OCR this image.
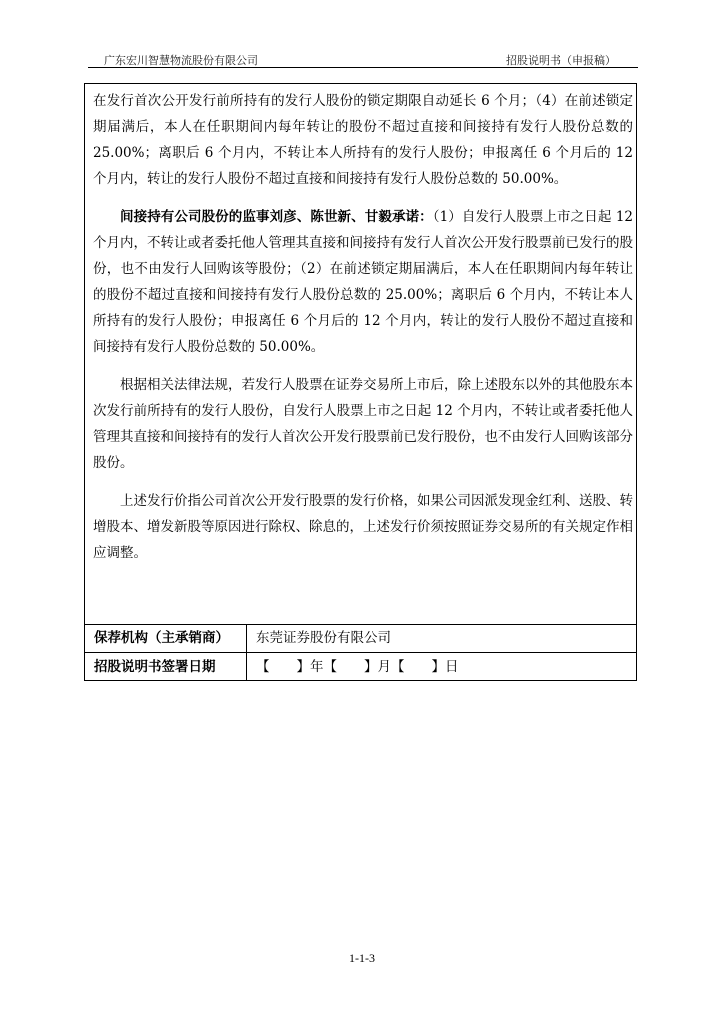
广东宏川智慧物流股份有限公司	招股说明书（申报稿）

在发行首次公开发行前所持有的发行人股份的锁定期限自动延长 6 个月；（4）在前述锁定期届满后，本人在任职期间内每年转让的股份不超过直接和间接持有发行人股份总数的 25.00%；离职后 6 个月内，不转让本人所持有的发行人股份；申报离任 6 个月后的 12 个月内，转让的发行人股份不超过直接和间接持有发行人股份总数的 50.00%。

间接持有公司股份的监事刘彦、陈世新、甘毅承诺：（1）自发行人股票上市之日起 12 个月内，不转让或者委托他人管理其直接和间接持有发行人首次公开发行股票前已发行的股份，也不由发行人回购该等股份；（2）在前述锁定期届满后，本人在任职期间内每年转让的股份不超过直接和间接持有发行人股份总数的 25.00%；离职后 6 个月内，不转让本人所持有的发行人股份；申报离任 6 个月后的 12 个月内，转让的发行人股份不超过直接和间接持有发行人股份总数的 50.00%。

根据相关法律法规，若发行人股票在证券交易所上市后，除上述股东以外的其他股东本次发行前所持有的发行人股份，自发行人股票上市之日起 12 个月内，不转让或者委托他人管理其直接和间接持有的发行人首次公开发行股票前已发行股份，也不由发行人回购该部分股份。

上述发行价指公司首次公开发行股票的发行价格，如果公司因派发现金红利、送股、转增股本、增发新股等原因进行除权、除息的，上述发行价须按照证券交易所的有关规定作相应调整。

保荐机构（主承销商） 东莞证券股份有限公司
招股说明书签署日期	【　　】年【　　】月【　　】日
1-1-3
